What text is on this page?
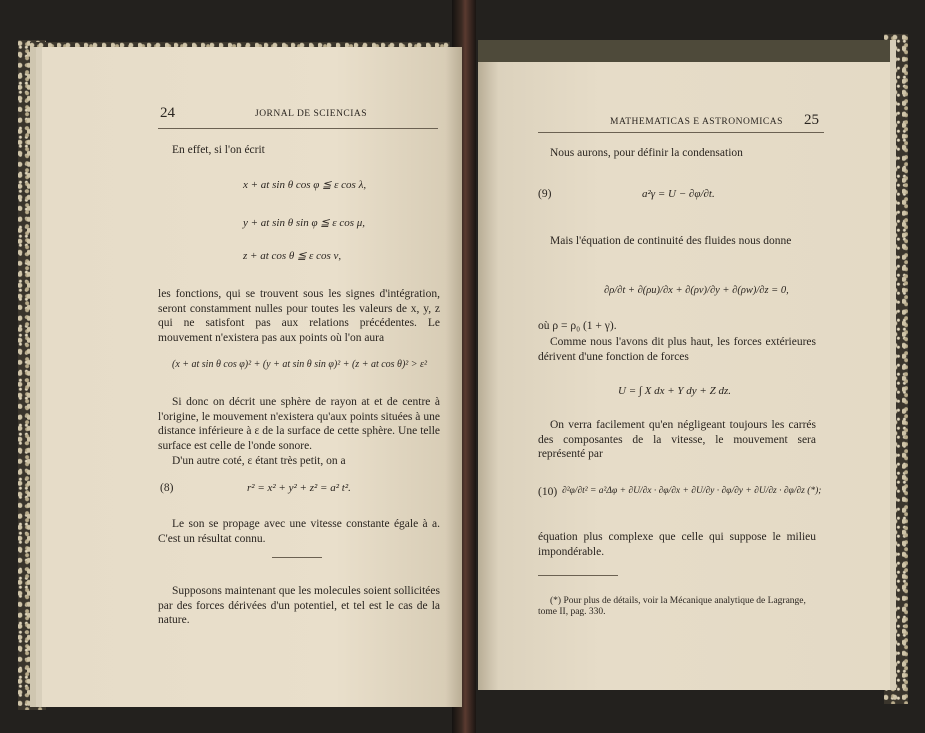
24	JORNAL DE SCIENCIAS
En effet, si l'on écrit
x + at sin θ cos φ ≦ ε cos λ,
y + at sin θ sin φ ≦ ε cos μ,
z + at cos θ ≦ ε cos ν,
les fonctions, qui se trouvent sous les signes d'intégration, seront constamment nulles pour toutes les valeurs de x, y, z qui ne satisfont pas aux relations précédentes. Le mouvement n'existera pas aux points où l'on aura
(x + at sin θ cos φ)² + (y + at sin θ sin φ)² + (z + at cos θ)² > ε²
Si donc on décrit une sphère de rayon at et de centre à l'origine, le mouvement n'existera qu'aux points situées à une distance inférieure à ε de la surface de cette sphère. Une telle surface est celle de l'onde sonore.
D'un autre coté, ε étant très petit, on a
(8)	r² = x² + y² + z² = a² t².
Le son se propage avec une vitesse constante égale à a. C'est un résultat connu.
Supposons maintenant que les molecules soient sollicitées par des forces dérivées d'un potentiel, et tel est le cas de la nature.
MATHEMATICAS E ASTRONOMICAS 25
Nous aurons, pour définir la condensation
(9)	a²γ = U − ∂φ/∂t.
Mais l'équation de continuité des fluides nous donne
∂ρ/∂t + ∂(ρu)/∂x + ∂(ρv)/∂y + ∂(ρw)/∂z = 0,
où ρ = ρ₀ (1 + γ).
Comme nous l'avons dit plus haut, les forces extérieures dérivent d'une fonction de forces
U = ∫ X dx + Y dy + Z dz.
On verra facilement qu'en négligeant toujours les carrés des composantes de la vitesse, le mouvement sera représenté par
(10) ∂²φ/∂t² = a²Δφ + ∂U/∂x · ∂φ/∂x + ∂U/∂y · ∂φ/∂y + ∂U/∂z · ∂φ/∂z (*);
équation plus complexe que celle qui suppose le milieu impondérable.
(*) Pour plus de détails, voir la Mécanique analytique de Lagrange, tome II, pag. 330.
